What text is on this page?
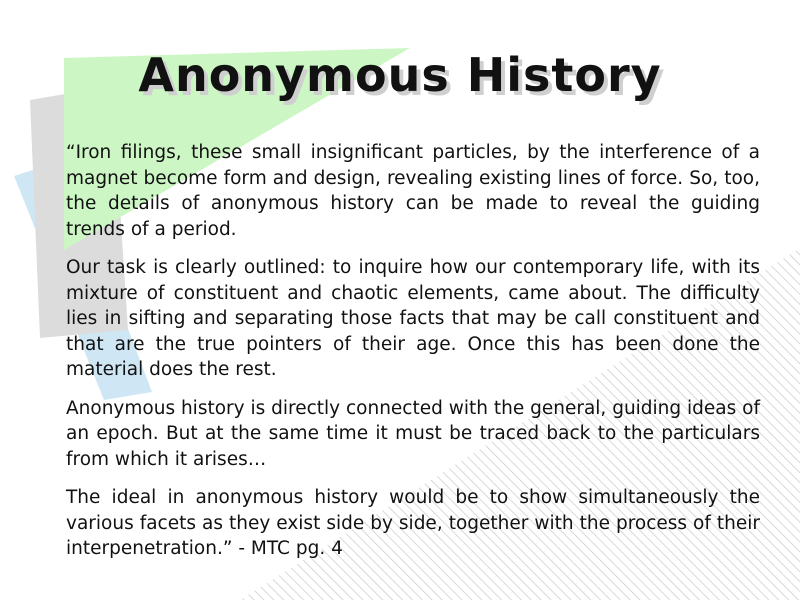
Anonymous History

“Iron filings, these small insignificant particles, by the interference of a magnet become form and design, revealing existing lines of force. So, too, the details of anonymous history can be made to reveal the guiding trends of a period.

Our task is clearly outlined: to inquire how our contemporary life, with its mixture of constituent and chaotic elements, came about. The difficulty lies in sifting and separating those facts that may be call constituent and that are the true pointers of their age. Once this has been done the material does the rest.

Anonymous history is directly connected with the general, guiding ideas of an epoch. But at the same time it must be traced back to the particulars from which it arises…

The ideal in anonymous history would be to show simultaneously the various facets as they exist side by side, together with the process of their interpenetration.” - MTC pg. 4
